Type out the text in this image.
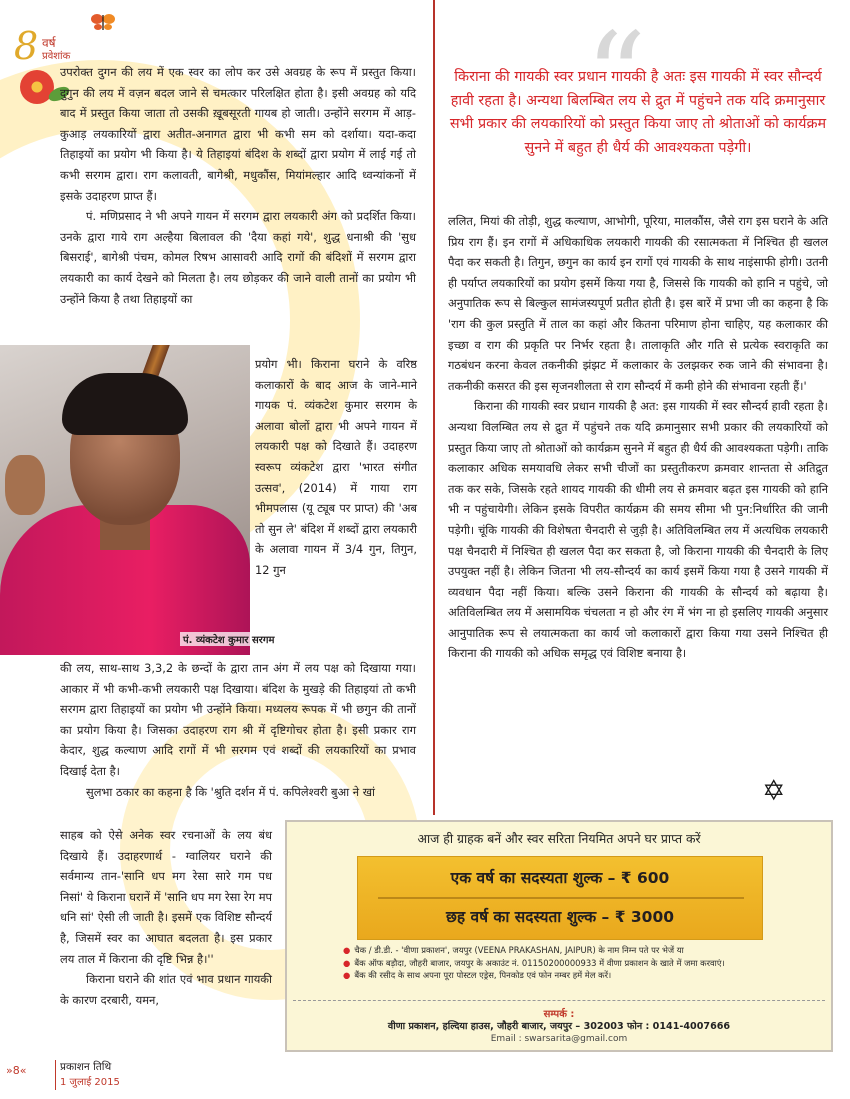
8 वर्ष
प्रवेशांक

उपरोक्त दुगन की लय में एक स्वर का लोप कर उसे अवग्रह के रूप में प्रस्तुत किया। दुगुन की लय में वज़न बदल जाने से चमत्कार परिलक्षित होता है। इसी अवग्रह को यदि बाद में प्रस्तुत किया जाता तो उसकी ख़ूबसूरती गायब हो जाती। उन्होंने सरगम में आड़-कुआड़ लयकारियों द्वारा अतीत-अनागत द्वारा भी कभी सम को दर्शाया। यदा-कदा तिहाइयों का प्रयोग भी किया है। ये तिहाइयां बंदिश के शब्दों द्वारा प्रयोग में लाई गई तो कभी सरगम द्वारा। राग कलावती, बागेश्री, मधुकौंस, मियांमल्हार आदि ध्वन्यांकनों में इसके उदाहरण प्राप्त हैं।

पं. मणिप्रसाद ने भी अपने गायन में सरगम द्वारा लयकारी अंग को प्रदर्शित किया। उनके द्वारा गाये राग अल्हैया बिलावल की 'दैया कहां गये', शुद्ध धनाश्री की 'सुध बिसराई', बागेश्री पंचम, कोमल रिषभ आसावरी आदि रागों की बंदिशों में सरगम द्वारा लयकारी का कार्य देखने को मिलता है। लय छोड़कर की जाने वाली तानों का प्रयोग भी उन्होंने किया है तथा तिहाइयों का

पं. व्यंकटेश कुमार सरगम

प्रयोग भी। किराना घराने के वरिष्ठ कलाकारों के बाद आज के जाने-माने गायक पं. व्यंकटेश कुमार सरगम के अलावा बोलों द्वारा भी अपने गायन में लयकारी पक्ष को दिखाते हैं। उदाहरण स्वरूप व्यंकटेश द्वारा 'भारत संगीत उत्सव', (2014) में गाया राग भीमपलास (यू ट्यूब पर प्राप्त) की 'अब तो सुन ले' बंदिश में शब्दों द्वारा लयकारी के अलावा गायन में 3/4 गुन, तिगुन, 12 गुन

की लय, साथ-साथ 3,3,2 के छन्दों के द्वारा तान अंग में लय पक्ष को दिखाया गया। आकार में भी कभी-कभी लयकारी पक्ष दिखाया। बंदिश के मुखड़े की तिहाइयां तो कभी सरगम द्वारा तिहाइयों का प्रयोग भी उन्होंने किया। मध्यलय रूपक में भी छगुन की तानों का प्रयोग किया है। जिसका उदाहरण राग श्री में दृष्टिगोचर होता है। इसी प्रकार राग केदार, शुद्ध कल्याण आदि रागों में भी सरगम एवं शब्दों की लयकारियों का प्रभाव दिखाई देता है।

सुलभा ठकार का कहना है कि 'श्रुति दर्शन में पं. कपिलेश्वरी बुआ ने खां

साहब को ऐसे अनेक स्वर रचनाओं के लय बंध दिखाये हैं। उदाहरणार्थ - ग्वालियर घराने की सर्वमान्य तान-'सानि धप मग रेसा सारे गम पध निसां' ये किराना घरानें में 'सानि धप मग रेसा रेग मप धनि सां' ऐसी ली जाती है। इसमें एक विशिष्ट सौन्दर्य है, जिसमें स्वर का आघात बदलता है। इस प्रकार लय ताल में किराना की दृष्टि भिन्न है।''

किराना घराने की शांत एवं भाव प्रधान गायकी के कारण दरबारी, यमन,

“
किराना की गायकी स्वर प्रधान गायकी है अतः इस गायकी में स्वर सौन्दर्य हावी रहता है। अन्यथा बिलम्बित लय से द्रुत में पहुंचने तक यदि क्रमानुसार सभी प्रकार की लयकारियों को प्रस्तुत किया जाए तो श्रोताओं को कार्यक्रम सुनने में बहुत ही धैर्य की आवश्यकता पड़ेगी।

ललित, मियां की तोड़ी, शुद्ध कल्याण, आभोगी, पूरिया, मालकौंस, जैसे राग इस घराने के अति प्रिय राग हैं। इन रागों में अधिकाधिक लयकारी गायकी की रसात्मकता में निश्चित ही खलल पैदा कर सकती है। तिगुन, छगुन का कार्य इन रागों एवं गायकी के साथ नाइंसाफी होगी। उतनी ही पर्याप्त लयकारियों का प्रयोग इसमें किया गया है, जिससे कि गायकी को हानि न पहुंचे, जो अनुपातिक रूप से बिल्कुल सामंजस्यपूर्ण प्रतीत होती है। इस बारें में प्रभा जी का कहना है कि 'राग की कुल प्रस्तुति में ताल का कहां और कितना परिमाण होना चाहिए, यह कलाकार की इच्छा व राग की प्रकृति पर निर्भर रहता है। तालाकृति और गति से प्रत्येक स्वराकृति का गठबंधन करना केवल तकनीकी झंझट में कलाकार के उलझकर रुक जाने की संभावना है। तकनीकी कसरत की इस सृजनशीलता से राग सौन्दर्य में कमी होने की संभावना रहती हैं।'

किराना की गायकी स्वर प्रधान गायकी है अत: इस गायकी में स्वर सौन्दर्य हावी रहता है। अन्यथा विलम्बित लय से द्रुत में पहुंचने तक यदि क्रमानुसार सभी प्रकार की लयकारियों को प्रस्तुत किया जाए तो श्रोताओं को कार्यक्रम सुनने में बहुत ही धैर्य की आवश्यकता पड़ेगी। ताकि कलाकार अधिक समयावधि लेकर सभी चीजों का प्रस्तुतीकरण क्रमवार शान्तता से अतिद्रुत तक कर सके, जिसके रहते शायद गायकी की धीमी लय से क्रमवार बढ़त इस गायकी को हानि भी न पहुंचायेगी। लेकिन इसके विपरीत कार्यक्रम की समय सीमा भी पुन:निर्धारित की जानी पड़ेगी। चूंकि गायकी की विशेषता चैनदारी से जुड़ी है। अतिविलम्बित लय में अत्यधिक लयकारी पक्ष चैनदारी में निश्चित ही खलल पैदा कर सकता है, जो किराना गायकी की चैनदारी के लिए उपयुक्त नहीं है। लेकिन जितना भी लय-सौन्दर्य का कार्य इसमें किया गया है उसने गायकी में व्यवधान पैदा नहीं किया। बल्कि उसने किराना की गायकी के सौन्दर्य को बढ़ाया है। अतिविलम्बित लय में असामयिक चंचलता न हो और रंग में भंग ना हो इसलिए गायकी अनुसार आनुपातिक रूप से लयात्मकता का कार्य जो कलाकारों द्वारा किया गया उसने निश्चित ही किराना की गायकी को अधिक समृद्ध एवं विशिष्ट बनाया है।

✡
आज ही ग्राहक बनें और स्वर सरिता नियमित अपने घर प्राप्त करें
एक वर्ष का सदस्यता शुल्क – ₹ 600
छह वर्ष का सदस्यता शुल्क – ₹ 3000
● चैक / डी.डी. - 'वीणा प्रकाशन', जयपुर (VEENA PRAKASHAN, JAIPUR) के नाम निम्न पते पर भेजें या
● बैंक ऑफ बड़ौदा, जौहरी बाजार, जयपुर के अकाउंट नं. 01150200000933 में वीणा प्रकाशन के खाते में जमा करवाएं।
● बैंक की रसीद के साथ अपना पूरा पोस्टल एड्रेस, पिनकोड एवं फोन नम्बर हमें मेल करें।
सम्पर्क :
वीणा प्रकाशन, हल्दिया हाउस, जौहरी बाजार, जयपुर – 302003 फोन : 0141-4007666
Email : swarsarita@gmail.com
»8«	प्रकाशन तिथि
1 जुलाई 2015
